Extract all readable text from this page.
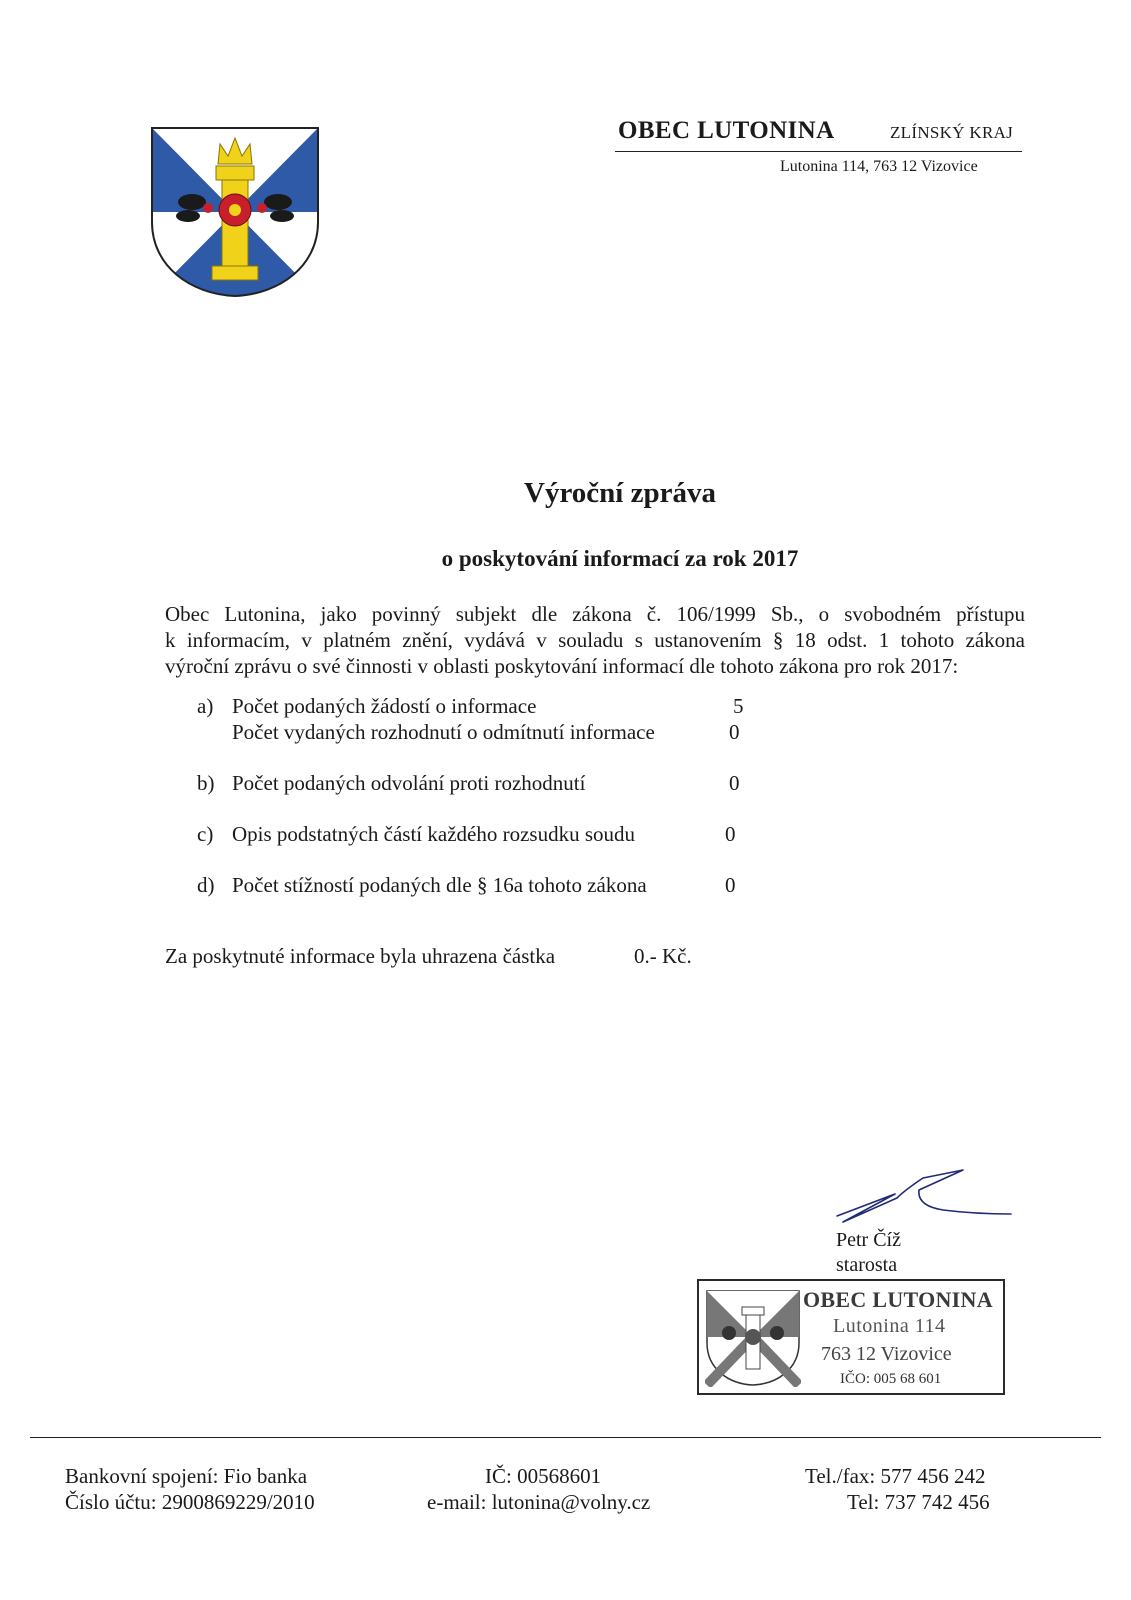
OBEC LUTONINA	ZLÍNSKÝ KRAJ
Lutonina 114, 763 12 Vizovice
Výroční zpráva
o poskytování informací za rok 2017
Obec Lutonina, jako povinný subjekt dle zákona č. 106/1999 Sb., o svobodném přístupu
k informacím, v platném znění, vydává v souladu s ustanovením § 18 odst. 1 tohoto zákona
výroční zprávu o své činnosti v oblasti poskytování informací dle tohoto zákona pro rok 2017:
a) Počet podaných žádostí o informace	5
Počet vydaných rozhodnutí o odmítnutí informace	0
b) Počet podaných odvolání proti rozhodnutí	0
c) Opis podstatných částí každého rozsudku soudu	0
d) Počet stížností podaných dle § 16a tohoto zákona	0
Za poskytnuté informace byla uhrazena částka	0.- Kč.
Petr Číž
starosta
OBEC LUTONINA
Lutonina 114
763 12 Vizovice
IČO: 005 68 601
Bankovní spojení: Fio banka
Číslo účtu: 2900869229/2010
IČ: 00568601
e-mail: lutonina@volny.cz
Tel./fax: 577 456 242
Tel: 737 742 456
